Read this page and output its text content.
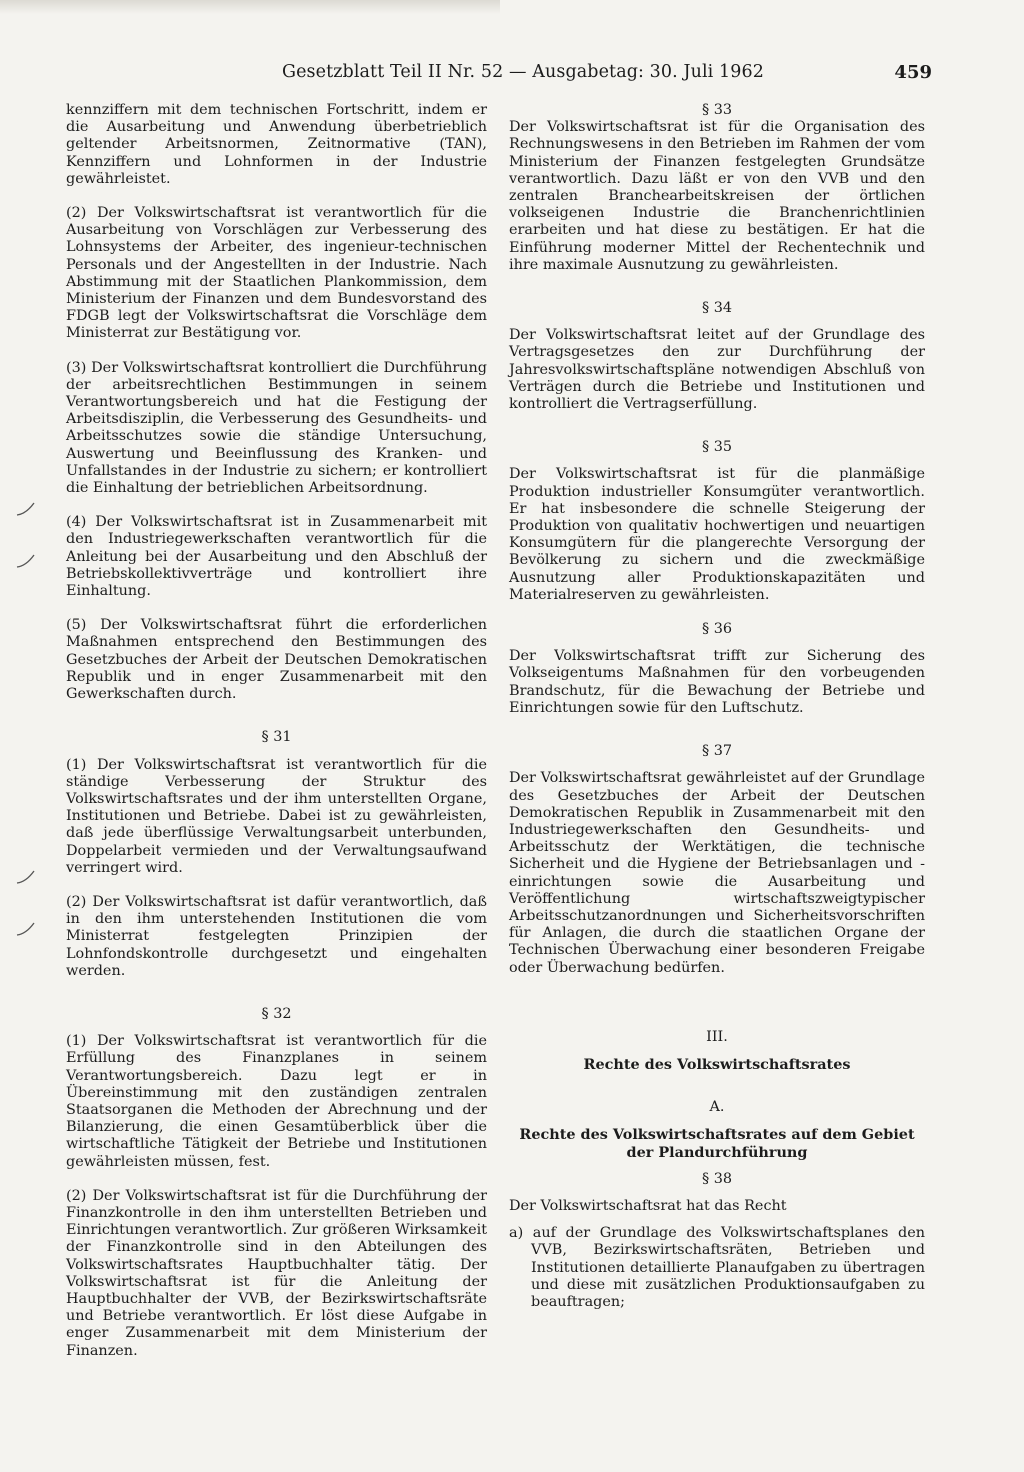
Gesetzblatt Teil II Nr. 52 — Ausgabetag: 30. Juli 1962	459

kennziffern mit dem technischen Fortschritt, indem er die Ausarbeitung und Anwendung überbetrieblich geltender Arbeitsnormen, Zeitnormative (TAN), Kennziffern und Lohnformen in der Industrie gewährleistet.

(2) Der Volkswirtschaftsrat ist verantwortlich für die Ausarbeitung von Vorschlägen zur Verbesserung des Lohnsystems der Arbeiter, des ingenieur-technischen Personals und der Angestellten in der Industrie. Nach Abstimmung mit der Staatlichen Plankommission, dem Ministerium der Finanzen und dem Bundesvorstand des FDGB legt der Volkswirtschaftsrat die Vorschläge dem Ministerrat zur Bestätigung vor.

(3) Der Volkswirtschaftsrat kontrolliert die Durchführung der arbeitsrechtlichen Bestimmungen in seinem Verantwortungsbereich und hat die Festigung der Arbeitsdisziplin, die Verbesserung des Gesundheits- und Arbeitsschutzes sowie die ständige Untersuchung, Auswertung und Beeinflussung des Kranken- und Unfallstandes in der Industrie zu sichern; er kontrolliert die Einhaltung der betrieblichen Arbeitsordnung.

(4) Der Volkswirtschaftsrat ist in Zusammenarbeit mit den Industriegewerkschaften verantwortlich für die Anleitung bei der Ausarbeitung und den Abschluß der Betriebskollektivverträge und kontrolliert ihre Einhaltung.

(5) Der Volkswirtschaftsrat führt die erforderlichen Maßnahmen entsprechend den Bestimmungen des Gesetzbuches der Arbeit der Deutschen Demokratischen Republik und in enger Zusammenarbeit mit den Gewerkschaften durch.

§ 31

(1) Der Volkswirtschaftsrat ist verantwortlich für die ständige Verbesserung der Struktur des Volkswirtschaftsrates und der ihm unterstellten Organe, Institutionen und Betriebe. Dabei ist zu gewährleisten, daß jede überflüssige Verwaltungsarbeit unterbunden, Doppelarbeit vermieden und der Verwaltungsaufwand verringert wird.

(2) Der Volkswirtschaftsrat ist dafür verantwortlich, daß in den ihm unterstehenden Institutionen die vom Ministerrat festgelegten Prinzipien der Lohnfondskontrolle durchgesetzt und eingehalten werden.

§ 32

(1) Der Volkswirtschaftsrat ist verantwortlich für die Erfüllung des Finanzplanes in seinem Verantwortungsbereich. Dazu legt er in Übereinstimmung mit den zuständigen zentralen Staatsorganen die Methoden der Abrechnung und der Bilanzierung, die einen Gesamtüberblick über die wirtschaftliche Tätigkeit der Betriebe und Institutionen gewährleisten müssen, fest.

(2) Der Volkswirtschaftsrat ist für die Durchführung der Finanzkontrolle in den ihm unterstellten Betrieben und Einrichtungen verantwortlich. Zur größeren Wirksamkeit der Finanzkontrolle sind in den Abteilungen des Volkswirtschaftsrates Hauptbuchhalter tätig. Der Volkswirtschaftsrat ist für die Anleitung der Hauptbuchhalter der VVB, der Bezirkswirtschaftsräte und Betriebe verantwortlich. Er löst diese Aufgabe in enger Zusammenarbeit mit dem Ministerium der Finanzen.

§ 33

Der Volkswirtschaftsrat ist für die Organisation des Rechnungswesens in den Betrieben im Rahmen der vom Ministerium der Finanzen festgelegten Grundsätze verantwortlich. Dazu läßt er von den VVB und den zentralen Branchearbeitskreisen der örtlichen volkseigenen Industrie die Branchenrichtlinien erarbeiten und hat diese zu bestätigen. Er hat die Einführung moderner Mittel der Rechentechnik und ihre maximale Ausnutzung zu gewährleisten.

§ 34

Der Volkswirtschaftsrat leitet auf der Grundlage des Vertragsgesetzes den zur Durchführung der Jahresvolkswirtschaftspläne notwendigen Abschluß von Verträgen durch die Betriebe und Institutionen und kontrolliert die Vertragserfüllung.

§ 35

Der Volkswirtschaftsrat ist für die planmäßige Produktion industrieller Konsumgüter verantwortlich. Er hat insbesondere die schnelle Steigerung der Produktion von qualitativ hochwertigen und neuartigen Konsumgütern für die plangerechte Versorgung der Bevölkerung zu sichern und die zweckmäßige Ausnutzung aller Produktionskapazitäten und Materialreserven zu gewährleisten.

§ 36

Der Volkswirtschaftsrat trifft zur Sicherung des Volkseigentums Maßnahmen für den vorbeugenden Brandschutz, für die Bewachung der Betriebe und Einrichtungen sowie für den Luftschutz.

§ 37

Der Volkswirtschaftsrat gewährleistet auf der Grundlage des Gesetzbuches der Arbeit der Deutschen Demokratischen Republik in Zusammenarbeit mit den Industriegewerkschaften den Gesundheits- und Arbeitsschutz der Werktätigen, die technische Sicherheit und die Hygiene der Betriebsanlagen und -einrichtungen sowie die Ausarbeitung und Veröffentlichung wirtschaftszweigtypischer Arbeitsschutzanordnungen und Sicherheitsvorschriften für Anlagen, die durch die staatlichen Organe der Technischen Überwachung einer besonderen Freigabe oder Überwachung bedürfen.

III.

Rechte des Volkswirtschaftsrates

A.

Rechte des Volkswirtschaftsrates auf dem Gebiet der Plandurchführung

§ 38

Der Volkswirtschaftsrat hat das Recht

a) auf der Grundlage des Volkswirtschaftsplanes den VVB, Bezirkswirtschaftsräten, Betrieben und Institutionen detaillierte Planaufgaben zu übertragen und diese mit zusätzlichen Produktionsaufgaben zu beauftragen;
